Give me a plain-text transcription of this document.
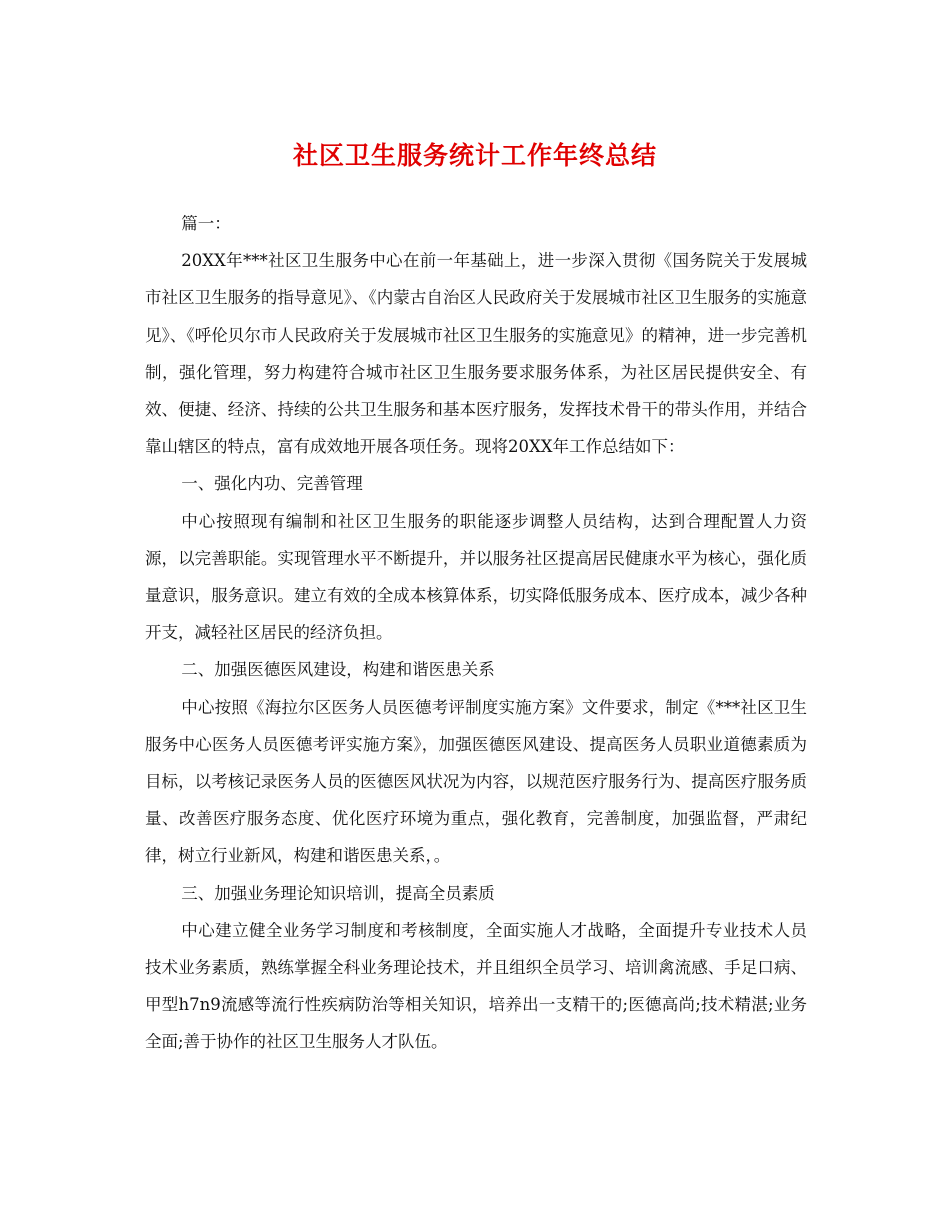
社区卫生服务统计工作年终总结

篇一：

20XX年***社区卫生服务中心在前一年基础上，进一步深入贯彻《国务院关于发展城市社区卫生服务的指导意见》、《内蒙古自治区人民政府关于发展城市社区卫生服务的实施意见》、《呼伦贝尔市人民政府关于发展城市社区卫生服务的实施意见》的精神，进一步完善机制，强化管理，努力构建符合城市社区卫生服务要求服务体系，为社区居民提供安全、有效、便捷、经济、持续的公共卫生服务和基本医疗服务，发挥技术骨干的带头作用，并结合靠山辖区的特点，富有成效地开展各项任务。现将20XX年工作总结如下：

一、强化内功、完善管理

中心按照现有编制和社区卫生服务的职能逐步调整人员结构，达到合理配置人力资源，以完善职能。实现管理水平不断提升，并以服务社区提高居民健康水平为核心，强化质量意识，服务意识。建立有效的全成本核算体系，切实降低服务成本、医疗成本，减少各种开支，减轻社区居民的经济负担。

二、加强医德医风建设，构建和谐医患关系

中心按照《海拉尔区医务人员医德考评制度实施方案》文件要求，制定《***社区卫生服务中心医务人员医德考评实施方案》，加强医德医风建设、提高医务人员职业道德素质为目标，以考核记录医务人员的医德医风状况为内容，以规范医疗服务行为、提高医疗服务质量、改善医疗服务态度、优化医疗环境为重点，强化教育，完善制度，加强监督，严肃纪律，树立行业新风，构建和谐医患关系，。

三、加强业务理论知识培训，提高全员素质

中心建立健全业务学习制度和考核制度，全面实施人才战略，全面提升专业技术人员技术业务素质，熟练掌握全科业务理论技术，并且组织全员学习、培训禽流感、手足口病、甲型h7n9流感等流行性疾病防治等相关知识，培养出一支精干的;医德高尚;技术精湛;业务全面;善于协作的社区卫生服务人才队伍。
